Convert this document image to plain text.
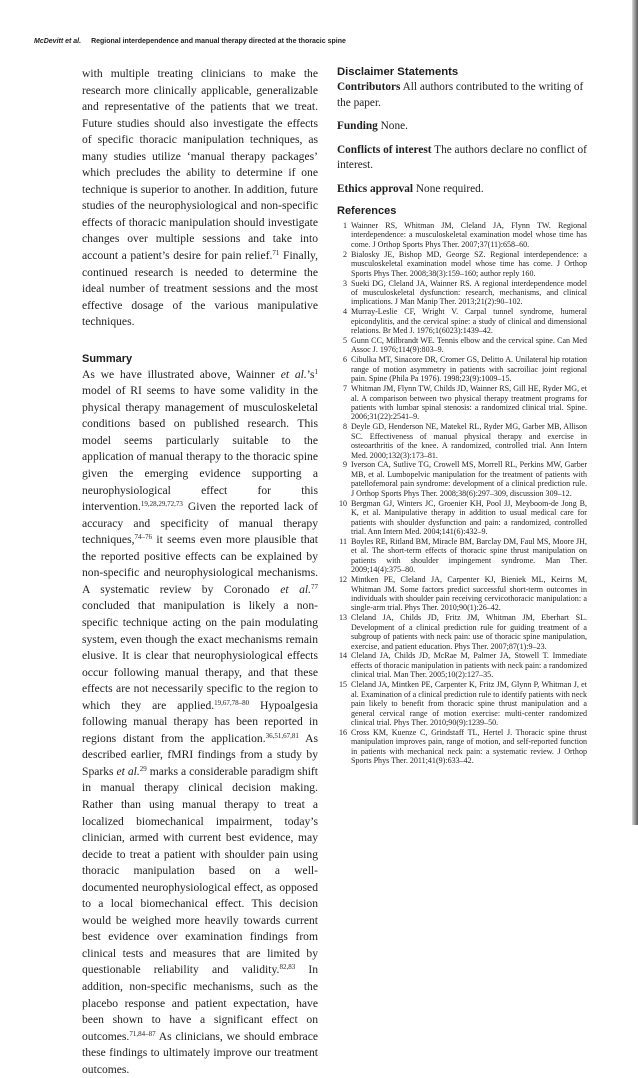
McDevitt et al. Regional interdependence and manual therapy directed at the thoracic spine

with multiple treating clinicians to make the research more clinically applicable, generalizable and representative of the patients that we treat. Future studies should also investigate the effects of specific thoracic manipulation techniques, as many studies utilize ‘manual therapy packages’ which precludes the ability to determine if one technique is superior to another. In addition, future studies of the neurophysiological and non-specific effects of thoracic manipulation should investigate changes over multiple sessions and take into account a patient’s desire for pain relief.$^{71}$ Finally, continued research is needed to determine the ideal number of treatment sessions and the most effective dosage of the various manipulative techniques.

Summary

As we have illustrated above, Wainner et $al.’s^1$ model of RI seems to have some validity in the physical therapy management of musculoskeletal conditions based on published research. This model seems particularly suitable to the application of manual therapy to the thoracic spine given the emerging evidence supporting a neurophysiological effect for this intervention.$^{19,28,29,72,73}$ Given the reported lack of accuracy and specificity of manual therapy techniques,$^{74-76}$ it seems even more plausible that the reported positive effects can be explained by non-specific and neurophysiological mechanisms. A systematic review by Coronado et al.$^{77}$ concluded that manipulation is likely a non-specific technique acting on the pain modulating system, even though the exact mechanisms remain elusive. It is clear that neurophysiological effects occur following manual therapy, and that these effects are not necessarily specific to the region to which they are applied.$^{19,67,78-80}$ Hypoalgesia following manual therapy has been reported in regions distant from the application.$^{36,51,67,81}$ As described earlier, fMRI findings from a study by Sparks et al.$^{29}$ marks a considerable paradigm shift in manual therapy clinical decision making. Rather than using manual therapy to treat a localized biomechanical impairment, today’s clinician, armed with current best evidence, may decide to treat a patient with shoulder pain using thoracic manipulation based on a well-documented neurophysiological effect, as opposed to a local biomechanical effect. This decision would be weighed more heavily towards current best evidence over examination findings from clinical tests and measures that are limited by questionable reliability and validity.$^{82,83}$ In addition, non-specific mechanisms, such as the placebo response and patient expectation, have been shown to have a significant effect on outcomes.$^{71,84-87}$ As clinicians, we should embrace these findings to ultimately improve our treatment outcomes.

Disclaimer Statements

Contributors All authors contributed to the writing of the paper.

Funding None.

Conflicts of interest The authors declare no conflict of interest.

Ethics approval None required.

References
1 Wainner RS, Whitman JM, Cleland JA, Flynn TW. Regional interdependence: a musculoskeletal examination model whose time has come. J Orthop Sports Phys Ther. 2007;37(11):658–60.
2 Bialosky JE, Bishop MD, George SZ. Regional interdependence: a musculoskeletal examination model whose time has come. J Orthop Sports Phys Ther. 2008;38(3):159–160; author reply 160.
3 Sueki DG, Cleland JA, Wainner RS. A regional interdependence model of musculoskeletal dysfunction: research, mechanisms, and clinical implications. J Man Manip Ther. 2013;21(2):90–102.
4 Murray-Leslie CF, Wright V. Carpal tunnel syndrome, humeral epicondylitis, and the cervical spine: a study of clinical and dimensional relations. Br Med J. 1976;1(6023):1439–42.
5 Gunn CC, Milbrandt WE. Tennis elbow and the cervical spine. Can Med Assoc J. 1976;114(9):803–9.
6 Cibulka MT, Sinacore DR, Cromer GS, Delitto A. Unilateral hip rotation range of motion asymmetry in patients with sacroiliac joint regional pain. Spine (Phila Pa 1976). 1998;23(9):1009–15.
7 Whitman JM, Flynn TW, Childs JD, Wainner RS, Gill HE, Ryder MG, et al. A comparison between two physical therapy treatment programs for patients with lumbar spinal stenosis: a randomized clinical trial. Spine. 2006;31(22):2541–9.
8 Deyle GD, Henderson NE, Matekel RL, Ryder MG, Garber MB, Allison SC. Effectiveness of manual physical therapy and exercise in osteoarthritis of the knee. A randomized, controlled trial. Ann Intern Med. 2000;132(3):173–81.
9 Iverson CA, Sutlive TG, Crowell MS, Morrell RL, Perkins MW, Garber MB, et al. Lumbopelvic manipulation for the treatment of patients with patellofemoral pain syndrome: development of a clinical prediction rule. J Orthop Sports Phys Ther. 2008;38(6):297–309, discussion 309–12.
10 Bergman GJ, Winters JC, Groenier KH, Pool JJ, Meyboom-de Jong B, K, et al. Manipulative therapy in addition to usual medical care for patients with shoulder dysfunction and pain: a randomized, controlled trial. Ann Intern Med. 2004;141(6):432–9.
11 Boyles RE, Ritland BM, Miracle BM, Barclay DM, Faul MS, Moore JH, et al. The short-term effects of thoracic spine thrust manipulation on patients with shoulder impingement syndrome. Man Ther. 2009;14(4):375–80.
12 Mintken PE, Cleland JA, Carpenter KJ, Bieniek ML, Keirns M, Whitman JM. Some factors predict successful short-term outcomes in individuals with shoulder pain receiving cervicothoracic manipulation: a single-arm trial. Phys Ther. 2010;90(1):26–42.
13 Cleland JA, Childs JD, Fritz JM, Whitman JM, Eberhart SL. Development of a clinical prediction rule for guiding treatment of a subgroup of patients with neck pain: use of thoracic spine manipulation, exercise, and patient education. Phys Ther. 2007;87(1):9–23.
14 Cleland JA, Childs JD, McRae M, Palmer JA, Stowell T. Immediate effects of thoracic manipulation in patients with neck pain: a randomized clinical trial. Man Ther. 2005;10(2):127–35.
15 Cleland JA, Mintken PE, Carpenter K, Fritz JM, Glynn P, Whitman J, et al. Examination of a clinical prediction rule to identify patients with neck pain likely to benefit from thoracic spine thrust manipulation and a general cervical range of motion exercise: multi-center randomized clinical trial. Phys Ther. 2010;90(9):1239–50.
16 Cross KM, Kuenze C, Grindstaff TL, Hertel J. Thoracic spine thrust manipulation improves pain, range of motion, and self-reported function in patients with mechanical neck pain: a systematic review. J Orthop Sports Phys Ther. 2011;41(9):633–42.
